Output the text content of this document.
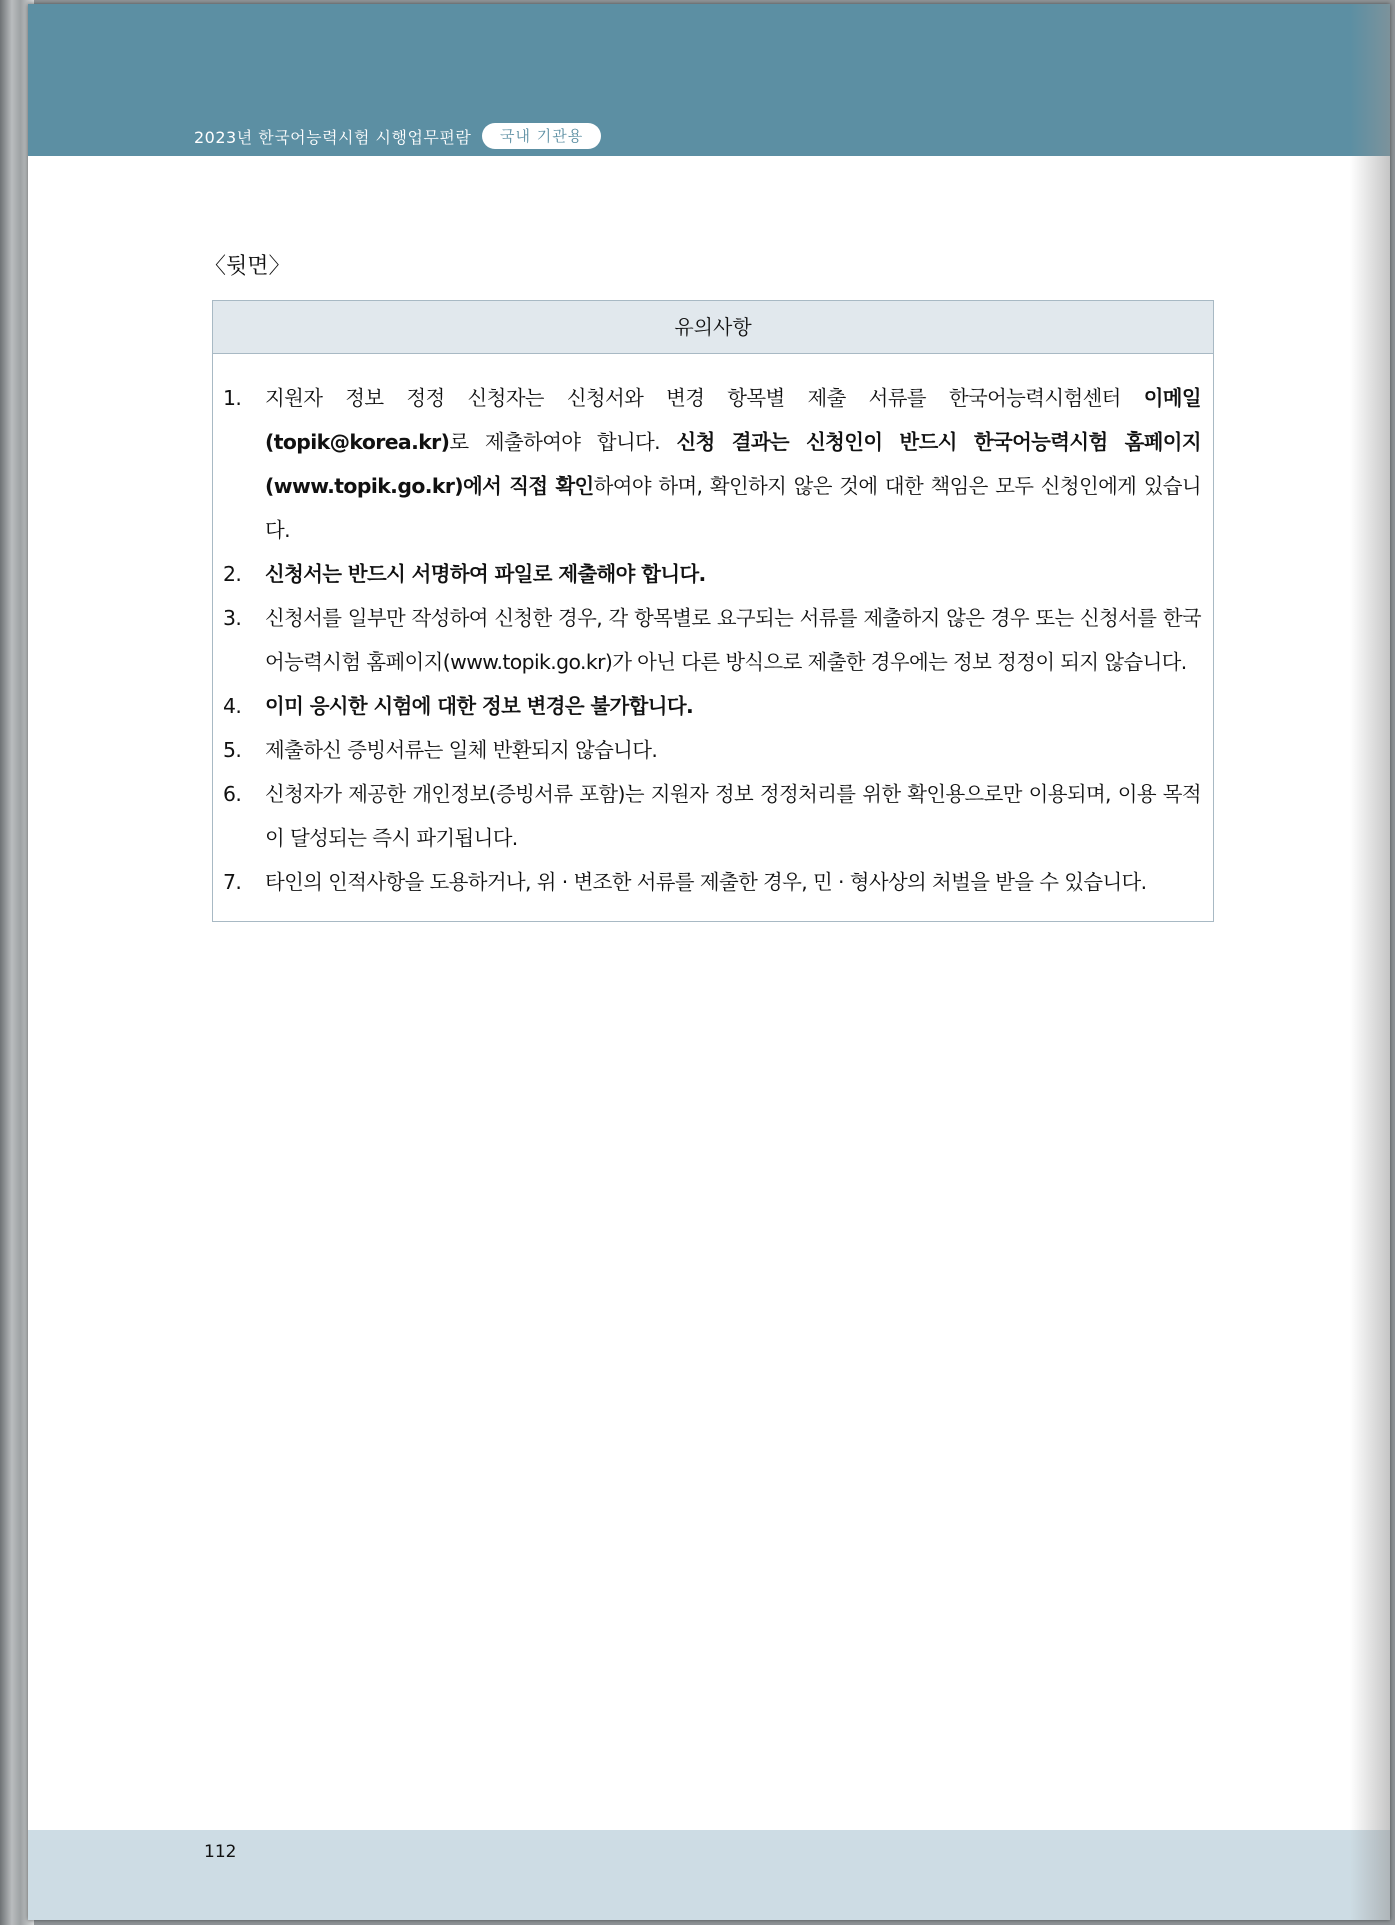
2023년 한국어능력시험 시행업무편람	국내 기관용
〈뒷면〉
유의사항
1. 지원자 정보 정정 신청자는 신청서와 변경 항목별 제출 서류를 한국어능력시험센터 이메일 (topik@korea.kr)로 제출하여야 합니다. 신청 결과는 신청인이 반드시 한국어능력시험 홈페이지 (www.topik.go.kr)에서 직접 확인하여야 하며, 확인하지 않은 것에 대한 책임은 모두 신청인에게 있습니다.
2. 신청서는 반드시 서명하여 파일로 제출해야 합니다.
3. 신청서를 일부만 작성하여 신청한 경우, 각 항목별로 요구되는 서류를 제출하지 않은 경우 또는 신청서를 한국어능력시험 홈페이지(www.topik.go.kr)가 아닌 다른 방식으로 제출한 경우에는 정보 정정이 되지 않습니다.
4. 이미 응시한 시험에 대한 정보 변경은 불가합니다.
5. 제출하신 증빙서류는 일체 반환되지 않습니다.
6. 신청자가 제공한 개인정보(증빙서류 포함)는 지원자 정보 정정처리를 위한 확인용으로만 이용되며, 이용 목적이 달성되는 즉시 파기됩니다.
7. 타인의 인적사항을 도용하거나, 위 · 변조한 서류를 제출한 경우, 민 · 형사상의 처벌을 받을 수 있습니다.
112
